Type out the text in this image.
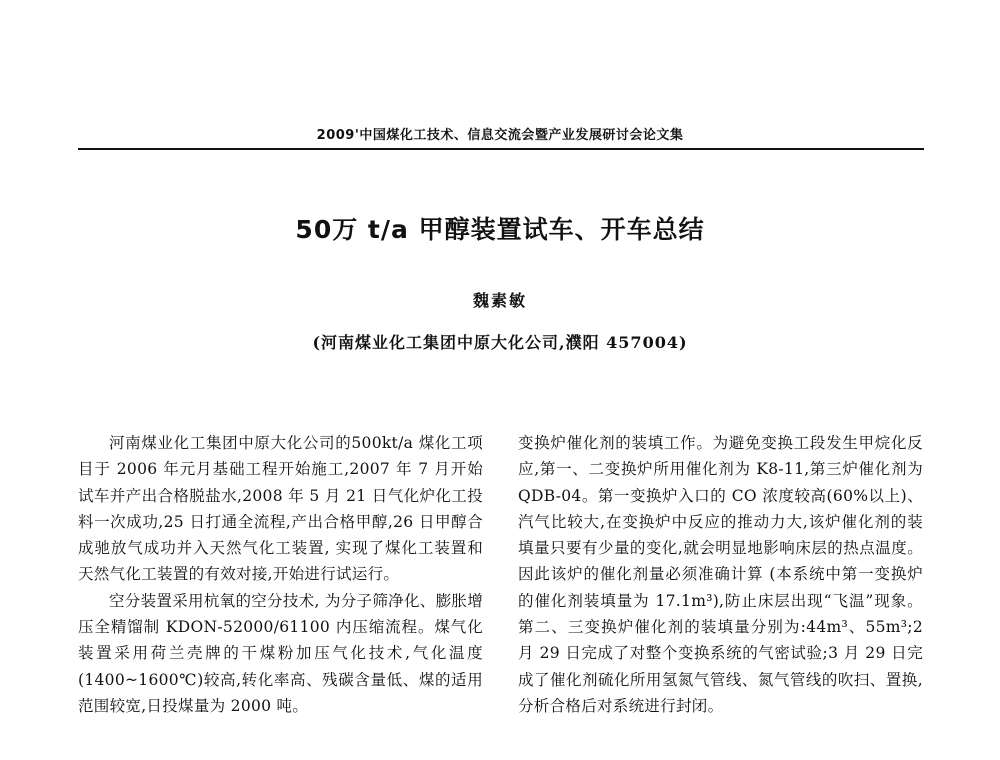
2009'中国煤化工技术、信息交流会暨产业发展研讨会论文集
50万 t/a 甲醇装置试车、开车总结
魏素敏
(河南煤业化工集团中原大化公司,濮阳 457004)

河南煤业化工集团中原大化公司的500kt/a 煤化工项目于 2006 年元月基础工程开始施工,2007 年 7 月开始试车并产出合格脱盐水,2008 年 5 月 21 日气化炉化工投料一次成功,25 日打通全流程,产出合格甲醇,26 日甲醇合成驰放气成功并入天然气化工装置, 实现了煤化工装置和天然气化工装置的有效对接,开始进行试运行。

空分装置采用杭氧的空分技术, 为分子筛净化、膨胀增压全精馏制 KDON-52000/61100 内压缩流程。煤气化装置采用荷兰壳牌的干煤粉加压气化技术,气化温度(1400~1600℃)较高,转化率高、残碳含量低、煤的适用范围较宽,日投煤量为 2000 吨。

变换炉催化剂的装填工作。为避免变换工段发生甲烷化反应,第一、二变换炉所用催化剂为 K8-11,第三炉催化剂为 QDB-04。第一变换炉入口的 CO 浓度较高(60%以上)、汽气比较大,在变换炉中反应的推动力大,该炉催化剂的装填量只要有少量的变化,就会明显地影响床层的热点温度。因此该炉的催化剂量必须准确计算 (本系统中第一变换炉的催化剂装填量为 17.1m³),防止床层出现“飞温”现象。第二、三变换炉催化剂的装填量分别为:44m³、55m³;2 月 29 日完成了对整个变换系统的气密试验;3 月 29 日完成了催化剂硫化所用氢氮气管线、氮气管线的吹扫、置换,分析合格后对系统进行封闭。
